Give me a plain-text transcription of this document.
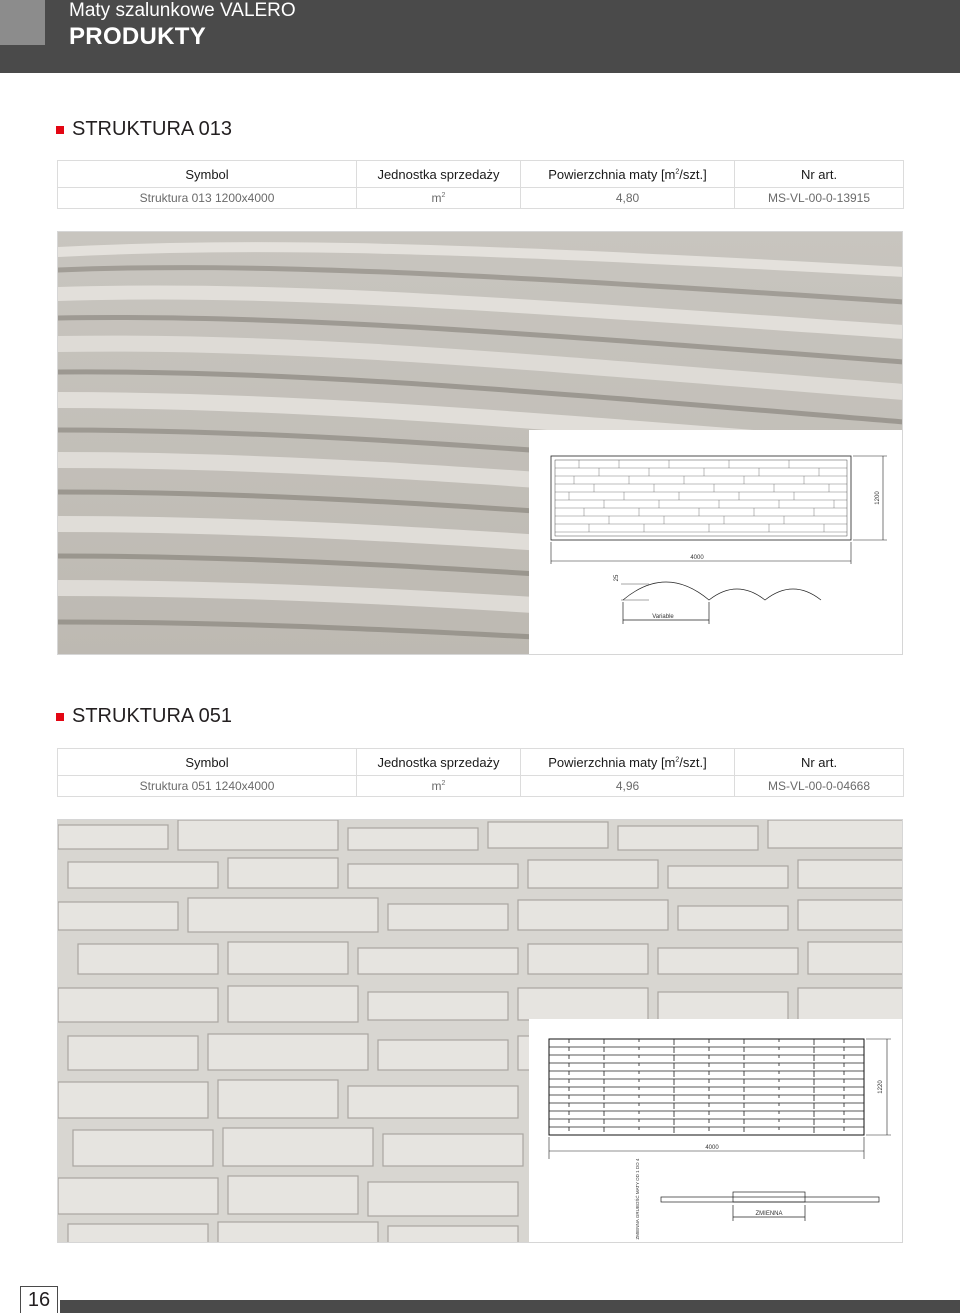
Maty szalunkowe VALERO
PRODUKTY
STRUKTURA 013
Symbol	Jednostka sprzedaży	Powierzchnia maty $[m^2/szt.]$	Nr art.
Struktura 013 1200x4000	$m^2$	4,80	MS-VL-00-0-13915
1200
4000
25
Variable
STRUKTURA 051
Symbol	Jednostka sprzedaży	Powierzchnia maty $[m^2/szt.]$	Nr art.
Struktura 051 1240x4000	$m^2$	4,96	MS-VL-00-0-04668
1220
4000
ZMIENNA GRUBOŚĆ MATY OD 1 DO 4	ZMIENNA
16
